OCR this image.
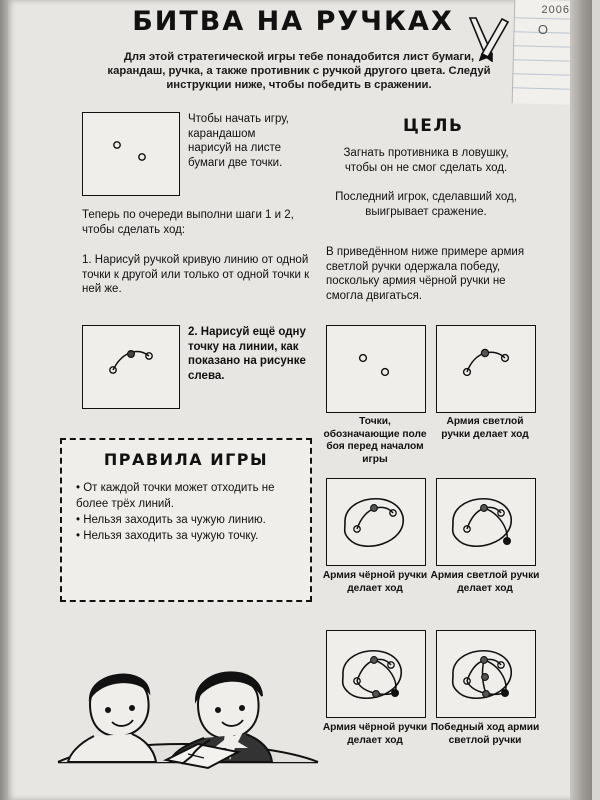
2006
О
БИТВА НА РУЧКАХ
Для этой стратегической игры тебе понадобится лист бумаги, карандаш, ручка, а также противник с ручкой другого цвета. Следуй инструкции ниже, чтобы победить в сражении.
Чтобы начать игру, карандашом нарисуй на листе бумаги две точки.
Теперь по очереди выполни шаги 1 и 2, чтобы сделать ход:
1. Нарисуй ручкой кривую линию от одной точки к другой или только от одной точки к ней же.
2. Нарисуй ещё одну точку на линии, как показано на рисунке слева.
ПРАВИЛА ИГРЫ
• От каждой точки может отходить не более трёх линий.
• Нельзя заходить за чужую линию.
• Нельзя заходить за чужую точку.
ЦЕЛЬ
Загнать противника в ловушку, чтобы он не смог сделать ход.
Последний игрок, сделавший ход, выигрывает сражение.
В приведённом ниже примере армия светлой ручки одержала победу, поскольку армия чёрной ручки не смогла двигаться.
Точки, обозначающие поле боя перед началом игры
Армия светлой ручки делает ход
Армия чёрной ручки делает ход
Армия светлой ручки делает ход
Армия чёрной ручки делает ход
Победный ход армии светлой ручки
